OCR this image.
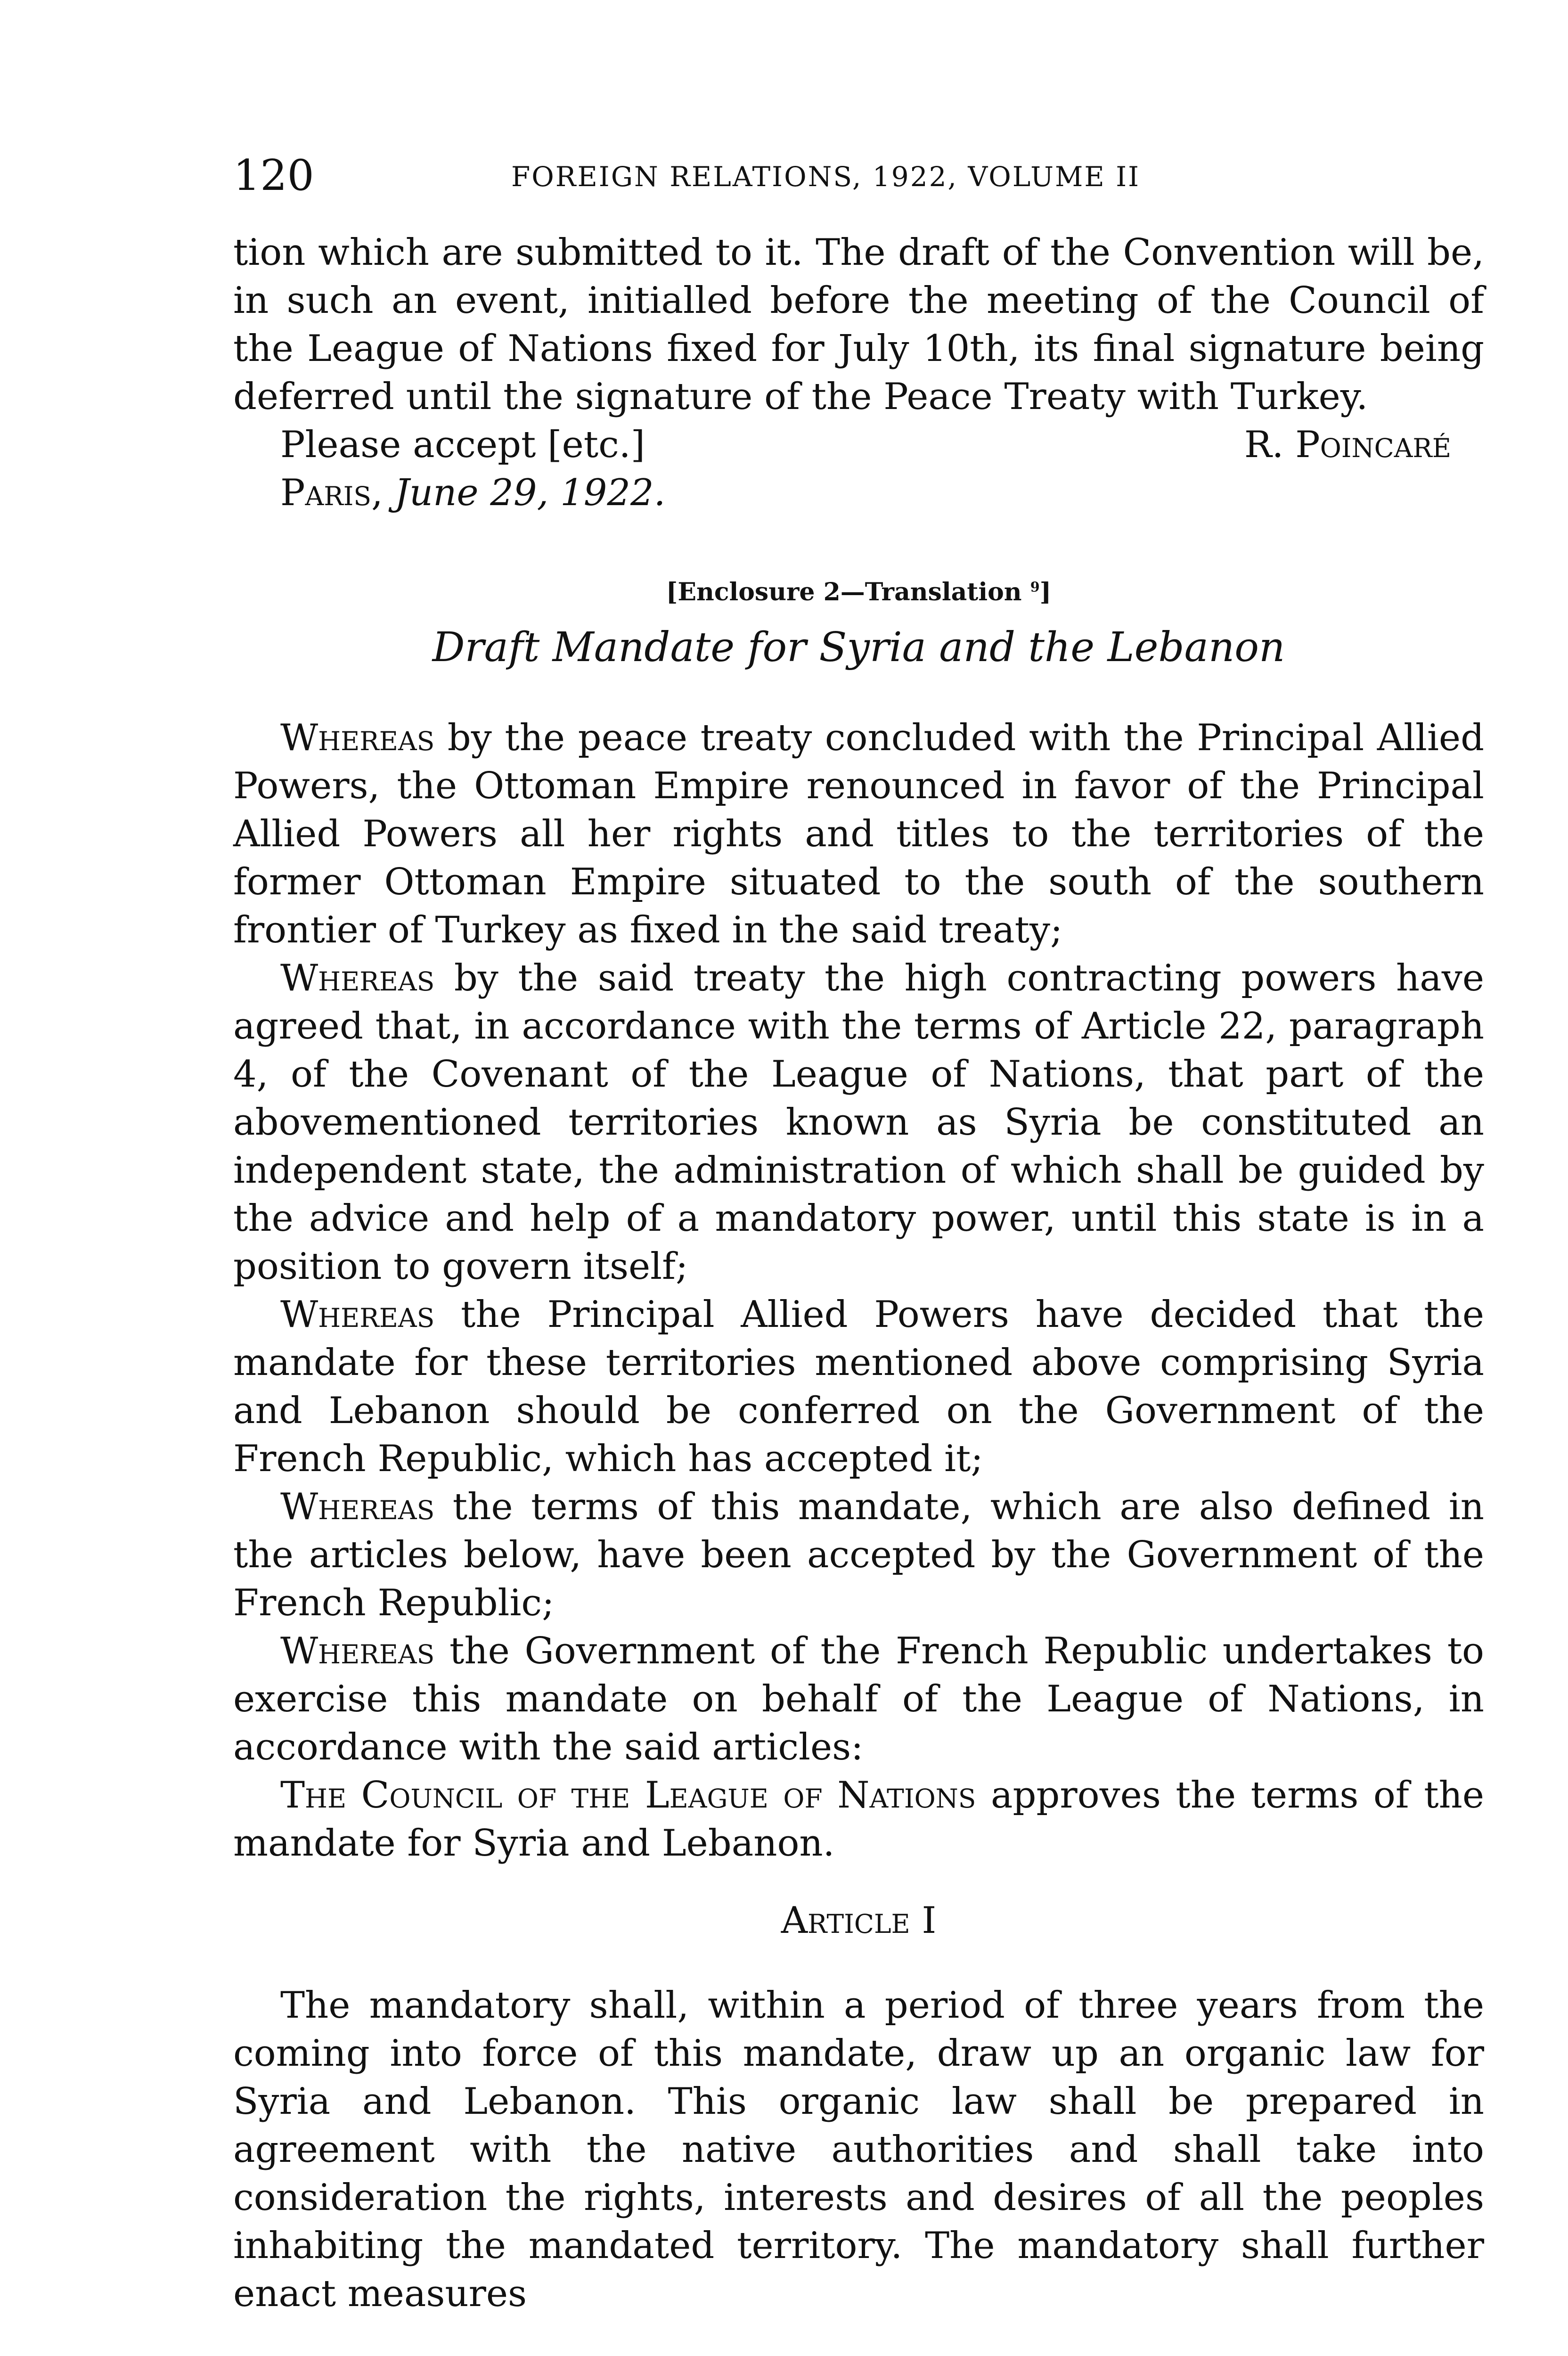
120	FOREIGN RELATIONS, 1922, VOLUME II

tion which are submitted to it. The draft of the Convention will be, in such an event, initialled before the meeting of the Council of the League of Nations fixed for July 10th, its final signature being deferred until the signature of the Peace Treaty with Turkey.

Please accept [etc.]	R. Poincaré

Paris, June 29, 1922.

[Enclosure 2—Translation $^9$]
Draft Mandate for Syria and the Lebanon

Whereas by the peace treaty concluded with the Principal Allied Powers, the Ottoman Empire renounced in favor of the Principal Allied Powers all her rights and titles to the territories of the former Ottoman Empire situated to the south of the southern frontier of Turkey as fixed in the said treaty;

Whereas by the said treaty the high contracting powers have agreed that, in accordance with the terms of Article 22, paragraph 4, of the Covenant of the League of Nations, that part of the abovementioned territories known as Syria be constituted an independent state, the administration of which shall be guided by the advice and help of a mandatory power, until this state is in a position to govern itself;

Whereas the Principal Allied Powers have decided that the mandate for these territories mentioned above comprising Syria and Lebanon should be conferred on the Government of the French Republic, which has accepted it;

Whereas the terms of this mandate, which are also defined in the articles below, have been accepted by the Government of the French Republic;

Whereas the Government of the French Republic undertakes to exercise this mandate on behalf of the League of Nations, in accordance with the said articles:

The Council of the League of Nations approves the terms of the mandate for Syria and Lebanon.

Article I

The mandatory shall, within a period of three years from the coming into force of this mandate, draw up an organic law for Syria and Lebanon. This organic law shall be prepared in agreement with the native authorities and shall take into consideration the rights, interests and desires of all the peoples inhabiting the mandated territory. The mandatory shall further enact measures
